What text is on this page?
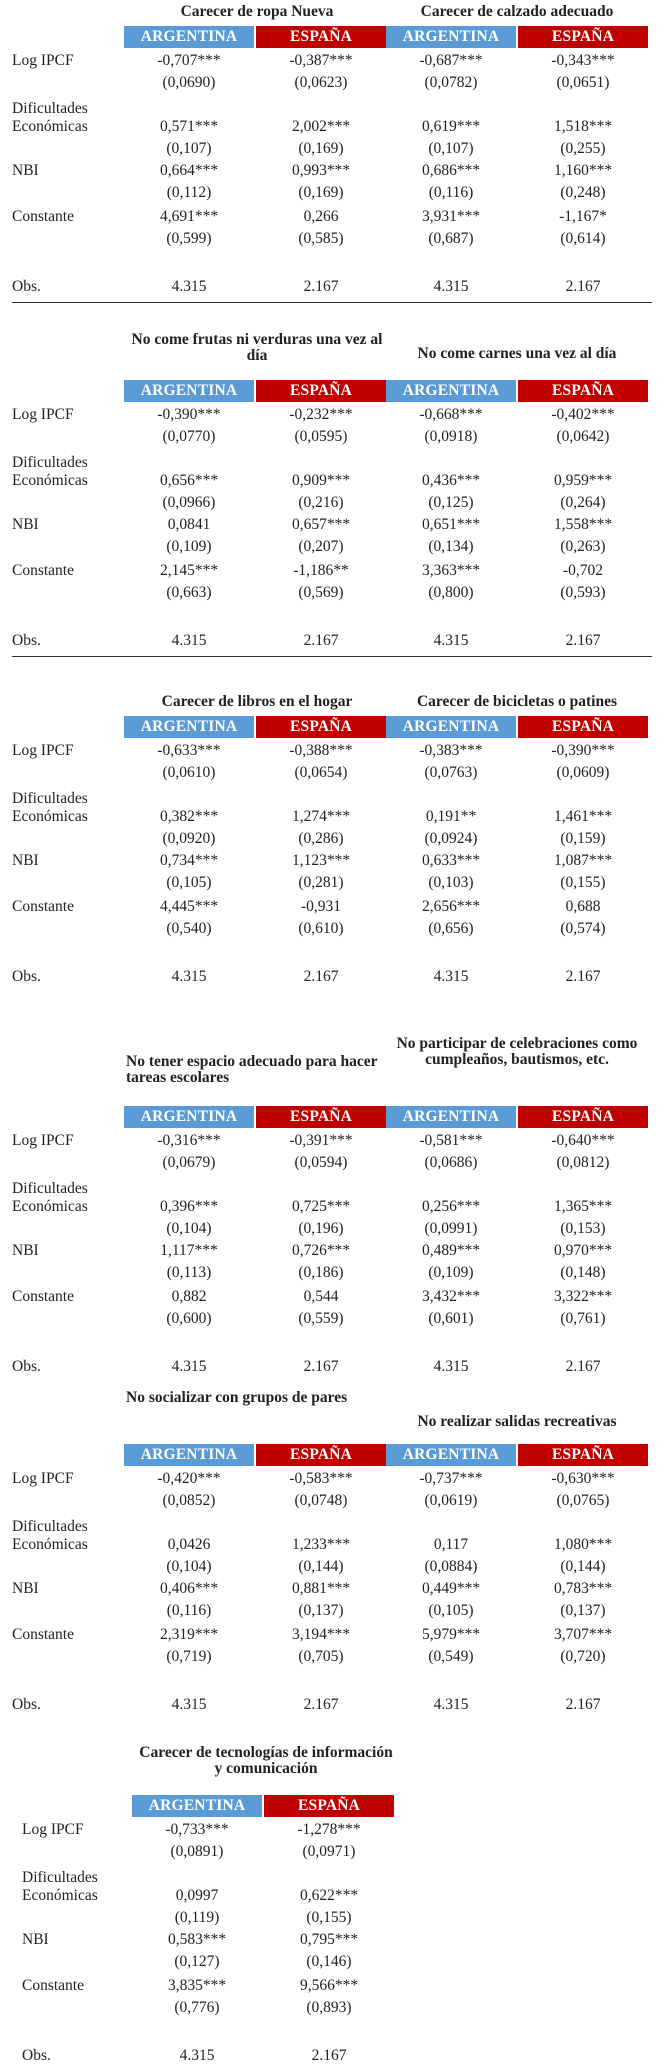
Carecer de ropa Nueva	Carecer de calzado adecuado
ARGENTINA	ESPAÑA	ARGENTINA	ESPAÑA
Log IPCF	-0,707***	-0,387***	-0,687***	-0,343***
(0,0690)	(0,0623)	(0,0782)	(0,0651)
Dificultades
Económicas	0,571***	2,002***	0,619***	1,518***
(0,107)	(0,169)	(0,107)	(0,255)
NBI	0,664***	0,993***	0,686***	1,160***
(0,112)	(0,169)	(0,116)	(0,248)
Constante	4,691***	0,266	3,931***	-1,167*
(0,599)	(0,585)	(0,687)	(0,614)
Obs.	4.315	2.167	4.315	2.167
No come frutas ni verduras una vez al día	No come carnes una vez al día
ARGENTINA	ESPAÑA	ARGENTINA	ESPAÑA
Log IPCF	-0,390***	-0,232***	-0,668***	-0,402***
(0,0770)	(0,0595)	(0,0918)	(0,0642)
Dificultades
Económicas	0,656***	0,909***	0,436***	0,959***
(0,0966)	(0,216)	(0,125)	(0,264)
NBI	0,0841	0,657***	0,651***	1,558***
(0,109)	(0,207)	(0,134)	(0,263)
Constante	2,145***	-1,186**	3,363***	-0,702
(0,663)	(0,569)	(0,800)	(0,593)
Obs.	4.315	2.167	4.315	2.167
Carecer de libros en el hogar	Carecer de bicicletas o patines
ARGENTINA	ESPAÑA	ARGENTINA	ESPAÑA
Log IPCF	-0,633***	-0,388***	-0,383***	-0,390***
(0,0610)	(0,0654)	(0,0763)	(0,0609)
Dificultades
Económicas	0,382***	1,274***	0,191**	1,461***
(0,0920)	(0,286)	(0,0924)	(0,159)
NBI	0,734***	1,123***	0,633***	1,087***
(0,105)	(0,281)	(0,103)	(0,155)
Constante	4,445***	-0,931	2,656***	0,688
(0,540)	(0,610)	(0,656)	(0,574)
Obs.	4.315	2.167	4.315	2.167
No tener espacio adecuado para hacer tareas escolares
No participar de celebraciones como cumpleaños, bautismos, etc.
ARGENTINA	ESPAÑA	ARGENTINA	ESPAÑA
Log IPCF	-0,316***	-0,391***	-0,581***	-0,640***
(0,0679)	(0,0594)	(0,0686)	(0,0812)
Dificultades
Económicas	0,396***	0,725***	0,256***	1,365***
(0,104)	(0,196)	(0,0991)	(0,153)
NBI	1,117***	0,726***	0,489***	0,970***
(0,113)	(0,186)	(0,109)	(0,148)
Constante	0,882	0,544	3,432***	3,322***
(0,600)	(0,559)	(0,601)	(0,761)
Obs.	4.315	2.167	4.315	2.167
No socializar con grupos de pares
No realizar salidas recreativas
ARGENTINA	ESPAÑA	ARGENTINA	ESPAÑA
Log IPCF	-0,420***	-0,583***	-0,737***	-0,630***
(0,0852)	(0,0748)	(0,0619)	(0,0765)
Dificultades
Económicas	0,0426	1,233***	0,117	1,080***
(0,104)	(0,144)	(0,0884)	(0,144)
NBI	0,406***	0,881***	0,449***	0,783***
(0,116)	(0,137)	(0,105)	(0,137)
Constante	2,319***	3,194***	5,979***	3,707***
(0,719)	(0,705)	(0,549)	(0,720)
Obs.	4.315	2.167	4.315	2.167
Carecer de tecnologías de información y comunicación
ARGENTINA	ESPAÑA
Log IPCF	-0,733***	-1,278***
(0,0891)	(0,0971)
Dificultades
Económicas	0,0997	0,622***
(0,119)	(0,155)
NBI	0,583***	0,795***
(0,127)	(0,146)
Constante	3,835***	9,566***
(0,776)	(0,893)
Obs.	4.315	2.167
